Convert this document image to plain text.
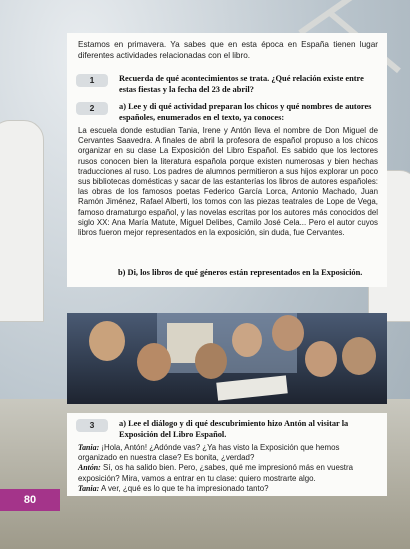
Estamos en primavera. Ya sabes que en esta época en España tienen lugar diferentes actividades relacionadas con el libro.
1	Recuerda de qué acontecimientos se trata. ¿Qué relación existe entre estas fiestas y la fecha del 23 de abril?
2	a) Lee y di qué actividad preparan los chicos y qué nombres de autores españoles, enumerados en el texto, ya conoces:
La escuela donde estudian Tania, Irene y Antón lleva el nombre de Don Miguel de Cervantes Saavedra. A finales de abril la profesora de español propuso a los chicos organizar en su clase La Exposición del Libro Español. Es sabido que los lectores rusos conocen bien la literatura española porque existen numerosas y bien hechas traducciones al ruso. Los padres de alumnos permitieron a sus hijos explorar un poco sus bibliotecas domésticas y sacar de las estanterías los libros de autores españoles: las obras de los famosos poetas Federico García Lorca, Antonio Machado, Juan Ramón Jiménez, Rafael Alberti, los tomos con las piezas teatrales de Lope de Vega, famoso dramaturgo español, y las novelas escritas por los autores más conocidos del siglo XX: Ana María Matute, Miguel Delibes, Camilo José Cela... Pero el autor cuyos libros fueron mejor representados en la exposición, sin duda, fue Cervantes.
b) Di, los libros de qué géneros están representados en la Exposición.
3	a) Lee el diálogo y di qué descubrimiento hizo Antón al visitar la Exposición del Libro Español.
Tania: ¡Hola, Antón! ¿Adónde vas? ¿Ya has visto la Exposición que hemos organizado en nuestra clase? Es bonita, ¿verdad?
Antón: Sí, os ha salido bien. Pero, ¿sabes, qué me impresionó más en vuestra exposición? Mira, vamos a entrar en tu clase: quiero mostrarte algo.
Tania: A ver, ¿qué es lo que te ha impresionado tanto?
80
